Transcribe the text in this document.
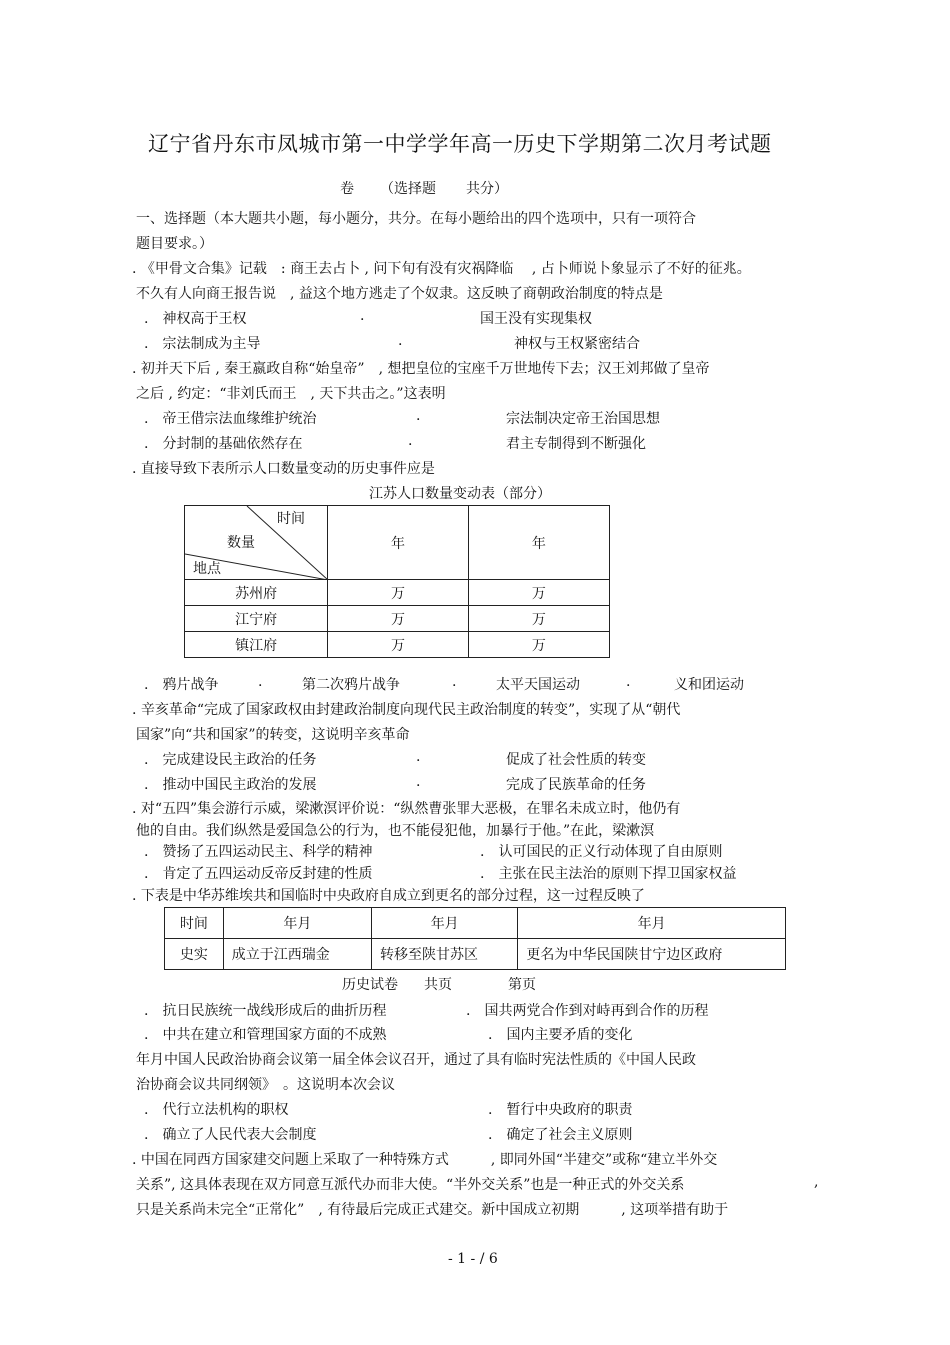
辽宁省丹东市凤城市第一中学学年高一历史下学期第二次月考试题
卷 （选择题 共分）
一、选择题（本大题共小题，每小题分，共分。在每小题给出的四个选项中，只有一项符合
题目要求。）
. 《甲骨文合集》记载　: 商王去占卜 , 问下旬有没有灾祸降临　 , 占卜师说卜象显示了不好的征兆。
不久有人向商王报告说　, 益这个地方逃走了个奴隶。这反映了商朝政治制度的特点是
.　神权高于王权	.	国王没有实现集权
.　宗法制成为主导	.	神权与王权紧密结合
. 初并天下后 , 秦王嬴政自称“始皇帝”　, 想把皇位的宝座千万世地传下去；汉王刘邦做了皇帝
之后 , 约定：“非刘氏而王　, 天下共击之。”这表明
.　帝王借宗法血缘维护统治	.	宗法制决定帝王治国思想
.　分封制的基础依然存在	.	君主专制得到不断强化
. 直接导致下表所示人口数量变动的历史事件应是
江苏人口数量变动表（部分）
时间
数量
地点	年	年
苏州府	万	万
江宁府	万	万
镇江府	万	万
.　鸦片战争	.	第二次鸦片战争	.	太平天国运动	.	义和团运动
. 辛亥革命“完成了国家政权由封建政治制度向现代民主政治制度的转变”，实现了从“朝代
国家”向“共和国家”的转变，这说明辛亥革命
.　完成建设民主政治的任务	.	促成了社会性质的转变
.　推动中国民主政治的发展	.	完成了民族革命的任务
. 对“五四”集会游行示威，梁漱溟评价说：“纵然曹张罪大恶极，在罪名未成立时，他仍有
他的自由。我们纵然是爱国急公的行为，也不能侵犯他，加暴行于他。”在此，梁漱溟
.　赞扬了五四运动民主、科学的精神	.　认可国民的正义行动体现了自由原则
.　肯定了五四运动反帝反封建的性质	.　主张在民主法治的原则下捍卫国家权益
. 下表是中华苏维埃共和国临时中央政府自成立到更名的部分过程，这一过程反映了
时间	年月	年月	年月
史实	成立于江西瑞金	转移至陕甘苏区	更名为中华民国陕甘宁边区政府
历史试卷 共页	第页
.　抗日民族统一战线形成后的曲折历程	.　国共两党合作到对峙再到合作的历程
.　中共在建立和管理国家方面的不成熟	.　国内主要矛盾的变化
年月中国人民政治协商会议第一届全体会议召开，通过了具有临时宪法性质的《中国人民政
治协商会议共同纲领》　。这说明本次会议
.　代行立法机构的职权	.　暂行中央政府的职责
.　确立了人民代表大会制度	.　确定了社会主义原则
. 中国在同西方国家建交问题上采取了一种特殊方式　　　, 即同外国“半建交”或称“建立半外交
关系”, 这具体表现在双方同意互派代办而非大使。“半外交关系”也是一种正式的外交关系	,
只是关系尚未完全“正常化”　, 有待最后完成正式建交。新中国成立初期　　　, 这项举措有助于
- 1 - / 6
